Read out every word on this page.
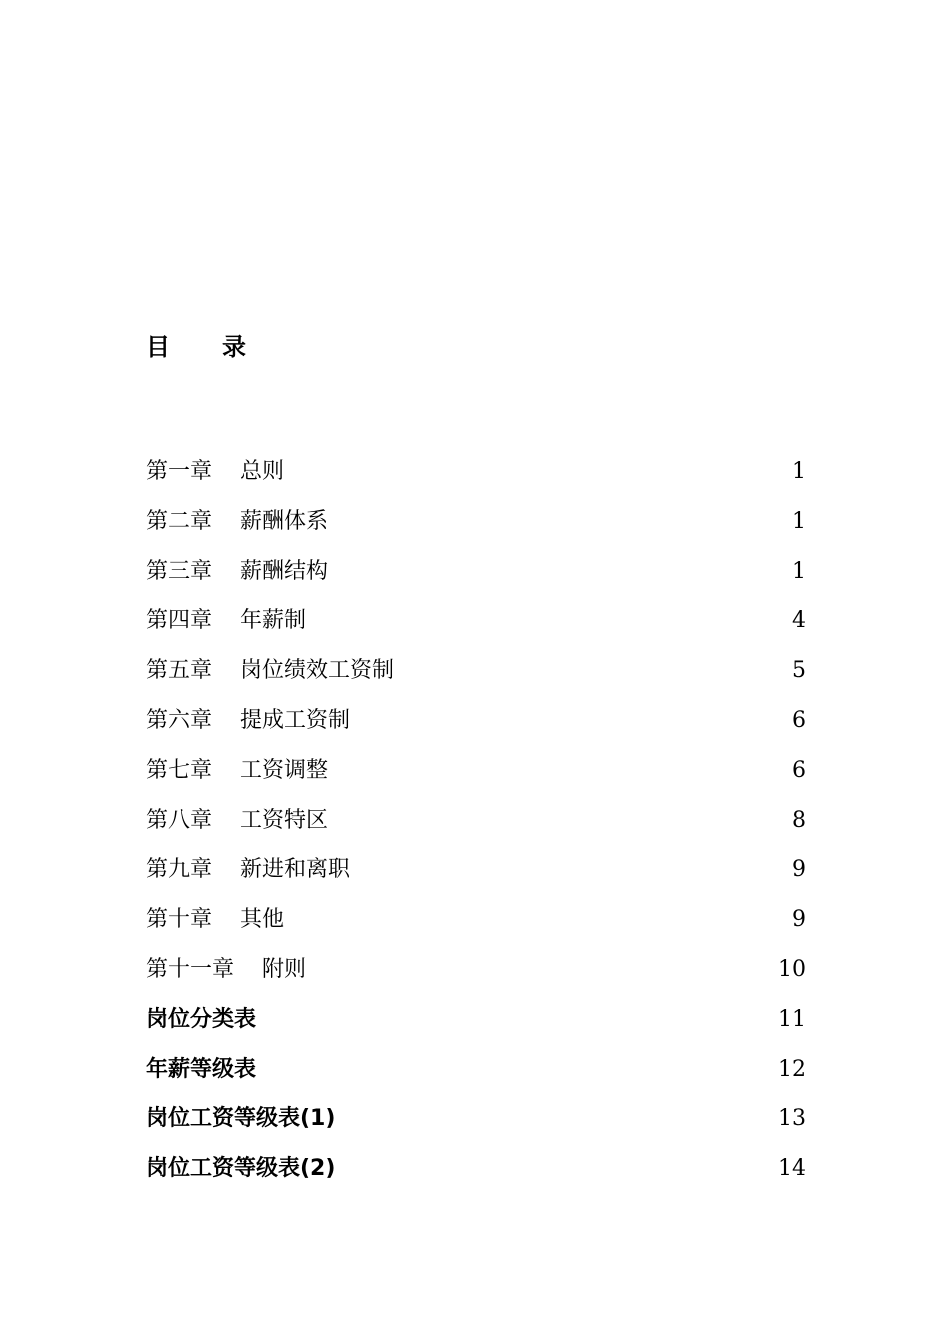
目 录
第一章 总则	1
第二章 薪酬体系	1
第三章 薪酬结构	1
第四章 年薪制	4
第五章 岗位绩效工资制	5
第六章 提成工资制	6
第七章 工资调整	6
第八章 工资特区	8
第九章 新进和离职	9
第十章 其他	9
第十一章 附则	10
岗位分类表	11
年薪等级表	12
岗位工资等级表(1)	13
岗位工资等级表(2)	14
